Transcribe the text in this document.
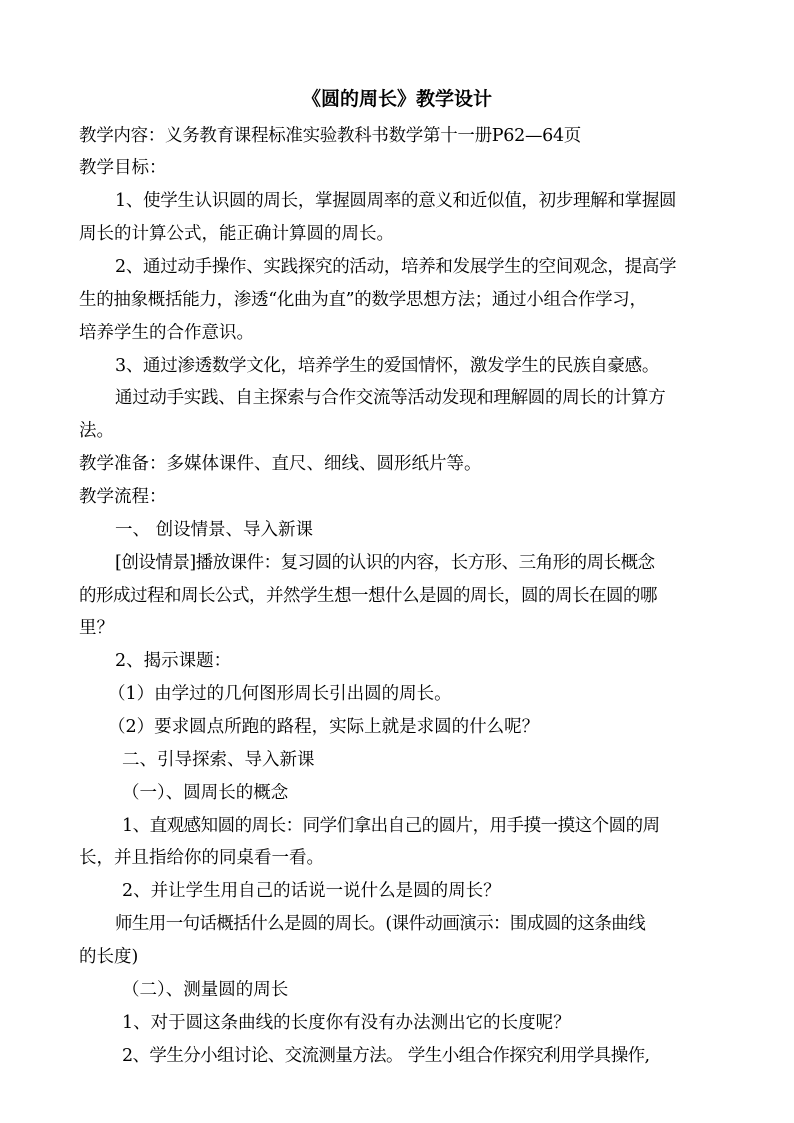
《圆的周长》教学设计
教学内容：义务教育课程标准实验教科书数学第十一册P62—64页
教学目标：
1、使学生认识圆的周长，掌握圆周率的意义和近似值，初步理解和掌握圆
周长的计算公式，能正确计算圆的周长。
2、通过动手操作、实践探究的活动，培养和发展学生的空间观念，提高学
生的抽象概括能力，渗透“化曲为直”的数学思想方法；通过小组合作学习，
培养学生的合作意识。
3、通过渗透数学文化，培养学生的爱国情怀，激发学生的民族自豪感。
通过动手实践、自主探索与合作交流等活动发现和理解圆的周长的计算方
法。
教学准备：多媒体课件、直尺、细线、圆形纸片等。
教学流程：
一、 创设情景、导入新课
[创设情景]播放课件：复习圆的认识的内容，长方形、三角形的周长概念
的形成过程和周长公式，并然学生想一想什么是圆的周长，圆的周长在圆的哪
里？
2、揭示课题：
（1）由学过的几何图形周长引出圆的周长。
（2）要求圆点所跑的路程，实际上就是求圆的什么呢？
二、引导探索、导入新课
（一）、圆周长的概念
1、直观感知圆的周长：同学们拿出自己的圆片，用手摸一摸这个圆的周
长，并且指给你的同桌看一看。
2、并让学生用自己的话说一说什么是圆的周长？
师生用一句话概括什么是圆的周长。(课件动画演示：围成圆的这条曲线
的长度)
（二）、测量圆的周长
1、对于圆这条曲线的长度你有没有办法测出它的长度呢？
2、学生分小组讨论、交流测量方法。 学生小组合作探究利用学具操作,
